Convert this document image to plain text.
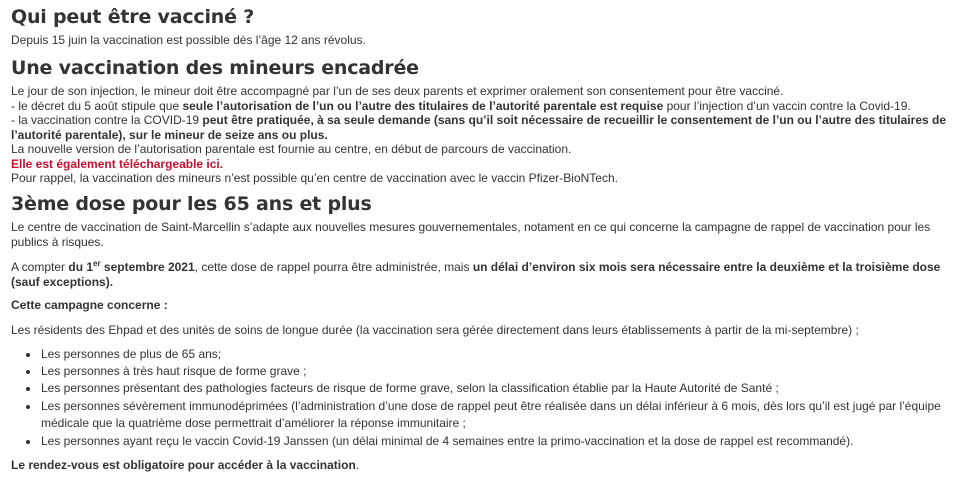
Qui peut être vacciné ?

Depuis 15 juin la vaccination est possible dès l’âge 12 ans révolus.

Une vaccination des mineurs encadrée
Le jour de son injection, le mineur doit être accompagné par l’un de ses deux parents et exprimer oralement son consentement pour être vacciné.
- le décret du 5 août stipule que seule l’autorisation de l’un ou l’autre des titulaires de l’autorité parentale est requise pour l’injection d’un vaccin contre la Covid-19.
- la vaccination contre la COVID-19 peut être pratiquée, à sa seule demande (sans qu’il soit nécessaire de recueillir le consentement de l’un ou l’autre des titulaires de l’autorité parentale), sur le mineur de seize ans ou plus.
La nouvelle version de l’autorisation parentale est fournie au centre, en début de parcours de vaccination.
Elle est également téléchargeable ici.
Pour rappel, la vaccination des mineurs n’est possible qu’en centre de vaccination avec le vaccin Pfizer-BioNTech.
3ème dose pour les 65 ans et plus

Le centre de vaccination de Saint-Marcellin s’adapte aux nouvelles mesures gouvernementales, notament en ce qui concerne la campagne de rappel de vaccination pour les publics à risques.

A compter du 1er septembre 2021, cette dose de rappel pourra être administrée, mais un délai d’environ six mois sera nécessaire entre la deuxième et la troisième dose (sauf exceptions).

Cette campagne concerne :

Les résidents des Ehpad et des unités de soins de longue durée (la vaccination sera gérée directement dans leurs établissements à partir de la mi-septembre) ;

• Les personnes de plus de 65 ans;
• Les personnes à très haut risque de forme grave ;
• Les personnes présentant des pathologies facteurs de risque de forme grave, selon la classification établie par la Haute Autorité de Santé ;
• Les personnes sévèrement immunodéprimées (l’administration d’une dose de rappel peut être réalisée dans un délai inférieur à 6 mois, dès lors qu’il est jugé par l’équipe médicale que la quatrième dose permettrait d’améliorer la réponse immunitaire ;
• Les personnes ayant reçu le vaccin Covid-19 Janssen (un délai minimal de 4 semaines entre la primo-vaccination et la dose de rappel est recommandé).

Le rendez-vous est obligatoire pour accéder à la vaccination.
